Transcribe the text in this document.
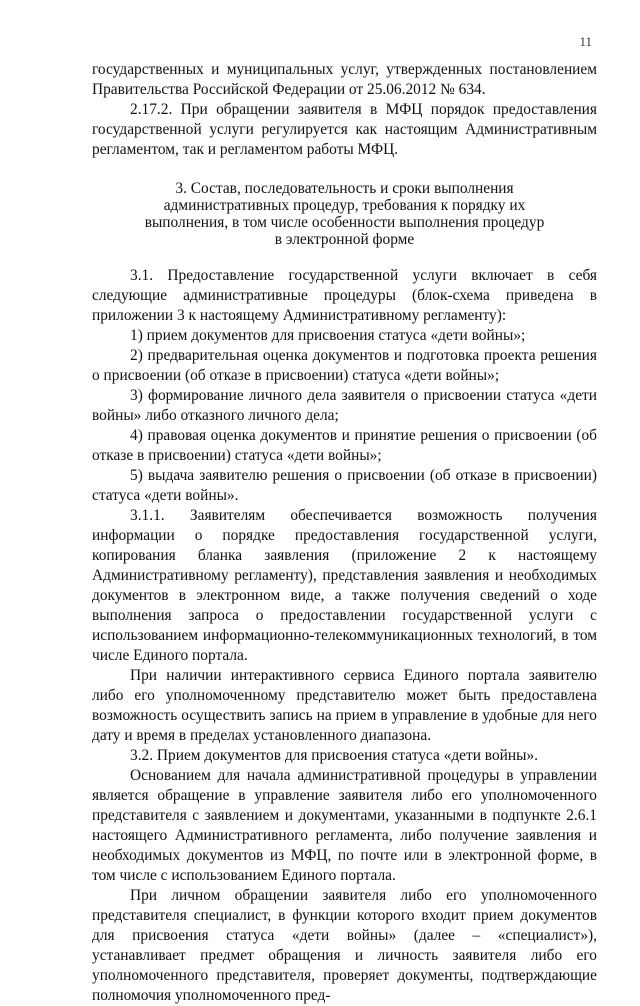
11

государственных и муниципальных услуг, утвержденных постановлением Правительства Российской Федерации от 25.06.2012 № 634.

2.17.2. При обращении заявителя в МФЦ порядок предоставления государственной услуги регулируется как настоящим Административным регламентом, так и регламентом работы МФЦ.

3. Состав, последовательность и сроки выполнения административных процедур, требования к порядку их выполнения, в том числе особенности выполнения процедур в электронной форме

3.1. Предоставление государственной услуги включает в себя следующие административные процедуры (блок-схема приведена в приложении 3 к настоящему Административному регламенту):

1) прием документов для присвоения статуса «дети войны»;

2) предварительная оценка документов и подготовка проекта решения о присвоении (об отказе в присвоении) статуса «дети войны»;

3) формирование личного дела заявителя о присвоении статуса «дети войны» либо отказного личного дела;

4) правовая оценка документов и принятие решения о присвоении (об отказе в присвоении) статуса «дети войны»;

5) выдача заявителю решения о присвоении (об отказе в присвоении) статуса «дети войны».

3.1.1. Заявителям обеспечивается возможность получения информации о порядке предоставления государственной услуги, копирования бланка заявления (приложение 2 к настоящему Административному регламенту), представления заявления и необходимых документов в электронном виде, а также получения сведений о ходе выполнения запроса о предоставлении государственной услуги с использованием информационно-телекоммуникационных технологий, в том числе Единого портала.

При наличии интерактивного сервиса Единого портала заявителю либо его уполномоченному представителю может быть предоставлена возможность осуществить запись на прием в управление в удобные для него дату и время в пределах установленного диапазона.

3.2. Прием документов для присвоения статуса «дети войны».

Основанием для начала административной процедуры в управлении является обращение в управление заявителя либо его уполномоченного представителя с заявлением и документами, указанными в подпункте 2.6.1 настоящего Административного регламента, либо получение заявления и необходимых документов из МФЦ, по почте или в электронной форме, в том числе с использованием Единого портала.

При личном обращении заявителя либо его уполномоченного представителя специалист, в функции которого входит прием документов для присвоения статуса «дети войны» (далее – «специалист»), устанавливает предмет обращения и личность заявителя либо его уполномоченного представителя, проверяет документы, подтверждающие полномочия уполномоченного пред-
